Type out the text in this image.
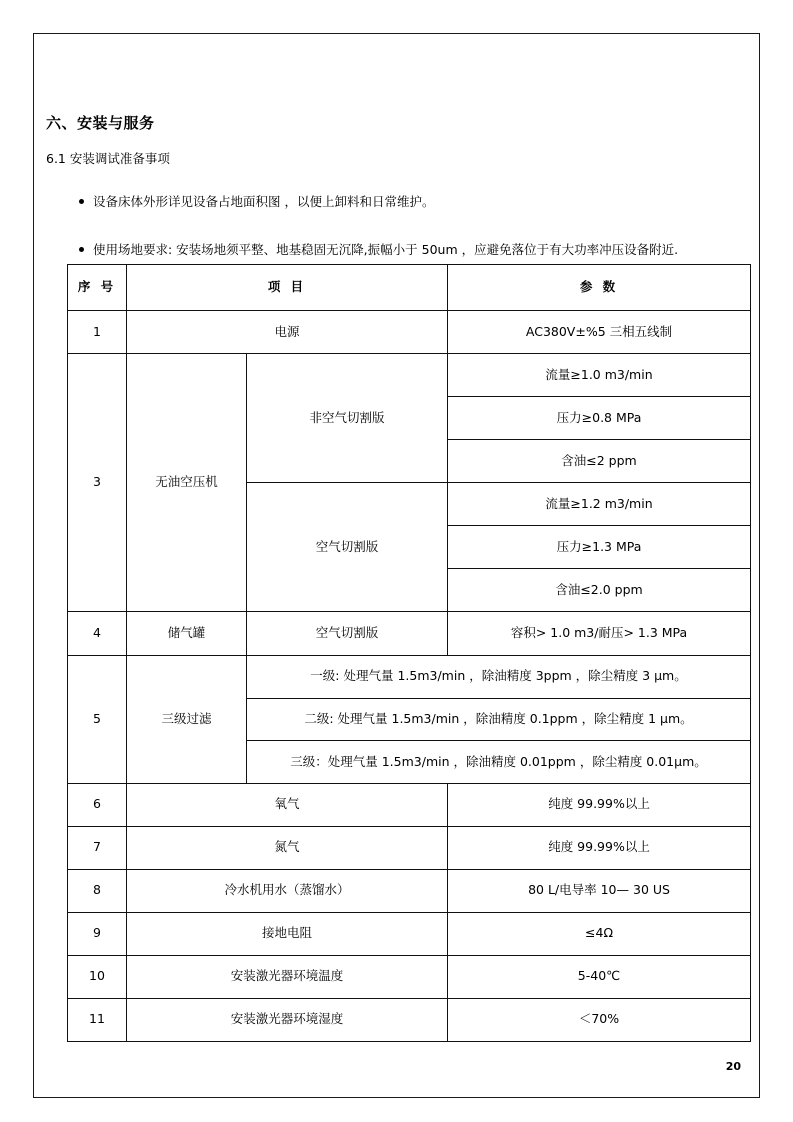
六、安装与服务
6.1 安装调试准备事项
设备床体外形详见设备占地面积图 ，以便上卸料和日常维护。
使用场地要求: 安装场地须平整、地基稳固无沉降,振幅小于 50um ，应避免落位于有大功率冲压设备附近.
序 号	项 目		参 数
1	电源		AC380V±%5 三相五线制
3	无油空压机	非空气切割版	流量≥1.0 m3/min
			压力≥0.8 MPa
			含油≤2 ppm
		空气切割版	流量≥1.2 m3/min
			压力≥1.3 MPa
			含油≤2.0 ppm
4	储气罐	空气切割版	容积> 1.0 m3/耐压> 1.3 MPa
5	三级过滤	一级: 处理气量 1.5m3/min ，除油精度 3ppm ，除尘精度 3 μm。	
		二级: 处理气量 1.5m3/min ，除油精度 0.1ppm ，除尘精度 1 μm。	
		三级：处理气量 1.5m3/min ，除油精度 0.01ppm ，除尘精度 0.01μm。	
6	氧气		纯度 99.99%以上
7	氮气		纯度 99.99%以上
8	冷水机用水（蒸馏水）		80 L/电导率 10— 30 US
9	接地电阻		≤4Ω
10	安装激光器环境温度		5-40℃
11	安装激光器环境湿度		＜70%
20
